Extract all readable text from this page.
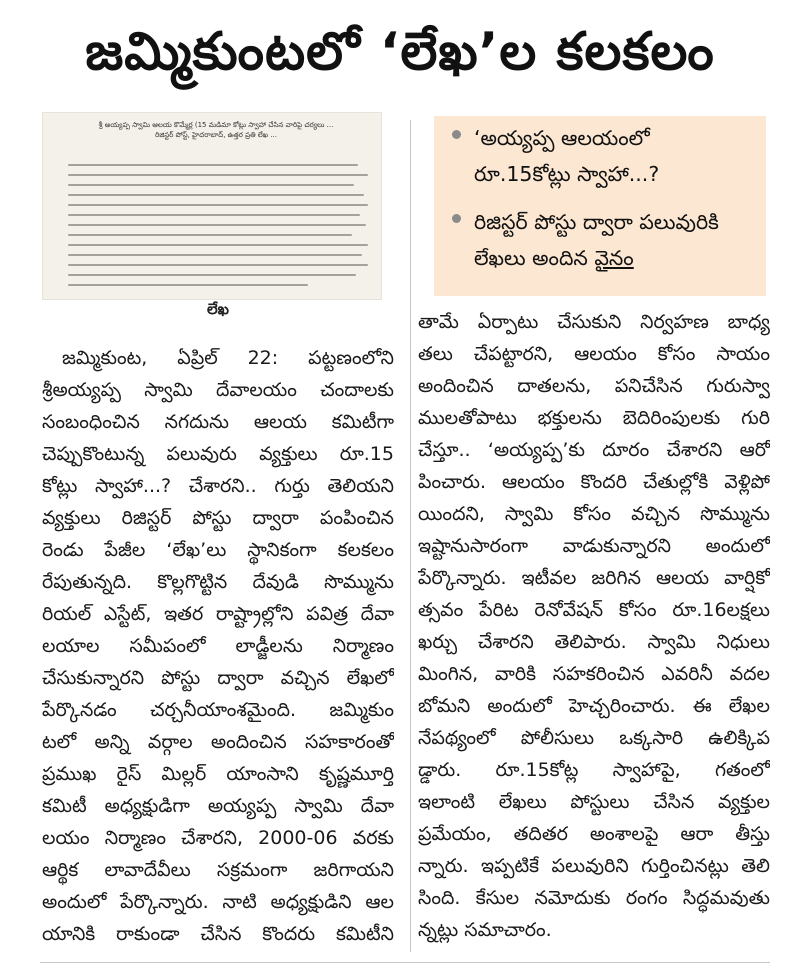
జమ్మికుంటలో ‘లేఖ’ల కలకలం
శ్రీ అయ్యప్ప స్వామి ఆలయ కొమ్మేర్ల (15 మడిమా కోట్లు స్వాహా చేసిన వారిపై చర్యలు ...
రిజిస్టర్ పోస్ట్, హైదరాబాద్, ఉత్తర ప్రతి లేఖ ...
లేఖ
‘అయ్యప్ప ఆలయంలో
రూ.15కోట్లు స్వాహా...?
రిజిస్టర్ పోస్టు ద్వారా పలువురికి
లేఖలు అందిన వైనం
జమ్మికుంట, ఏప్రిల్ 22: పట్టణంలోని
శ్రీఅయ్యప్ప స్వామి దేవాలయం చందాలకు
సంబంధించిన నగదును ఆలయ కమిటీగా
చెప్పుకొంటున్న పలువురు వ్యక్తులు రూ.15
కోట్లు స్వాహా...? చేశారని.. గుర్తు తెలియని
వ్యక్తులు రిజిస్టర్ పోస్టు ద్వారా పంపించిన
రెండు పేజీల ‘లేఖ’లు స్థానికంగా కలకలం
రేపుతున్నది. కొల్లగొట్టిన దేవుడి సొమ్మును
రియల్ ఎస్టేట్, ఇతర రాష్ట్రాల్లోని పవిత్ర దేవా
లయాల సమీపంలో లాడ్జీలను నిర్మాణం
చేసుకున్నారని పోస్టు ద్వారా వచ్చిన లేఖలో
పేర్కొనడం చర్చనీయాంశమైంది. జమ్మికుం
టలో అన్ని వర్గాల అందించిన సహకారంతో
ప్రముఖ రైస్ మిల్లర్ యాంసాని కృష్ణమూర్తి
కమిటీ అధ్యక్షుడిగా అయ్యప్ప స్వామి దేవా
లయం నిర్మాణం చేశారని, 2000-06 వరకు
ఆర్థిక లావాదేవీలు సక్రమంగా జరిగాయని
అందులో పేర్కొన్నారు. నాటి అధ్యక్షుడిని ఆల
యానికి రాకుండా చేసిన కొందరు కమిటీని
తామే ఏర్పాటు చేసుకుని నిర్వహణ బాధ్య
తలు చేపట్టారని, ఆలయం కోసం సాయం
అందించిన దాతలను, పనిచేసిన గురుస్వా
ములతోపాటు భక్తులను బెదిరింపులకు గురి
చేస్తూ.. ‘అయ్యప్ప’కు దూరం చేశారని ఆరో
పించారు. ఆలయం కొందరి చేతుల్లోకి వెళ్లిపో
యిందని, స్వామి కోసం వచ్చిన సొమ్మును
ఇష్టానుసారంగా వాడుకున్నారని అందులో
పేర్కొన్నారు. ఇటీవల జరిగిన ఆలయ వార్షికో
త్సవం పేరిట రెనోవేషన్ కోసం రూ.16లక్షలు
ఖర్చు చేశారని తెలిపారు. స్వామి నిధులు
మింగిన, వారికి సహకరించిన ఎవరినీ వదల
బోమని అందులో హెచ్చరించారు. ఈ లేఖల
నేపథ్యంలో పోలీసులు ఒక్కసారి ఉలిక్కిప
డ్డారు. రూ.15కోట్ల స్వాహాపై, గతంలో
ఇలాంటి లేఖలు పోస్టులు చేసిన వ్యక్తుల
ప్రమేయం, తదితర అంశాలపై ఆరా తీస్తు
న్నారు. ఇప్పటికే పలువురిని గుర్తించినట్లు తెలి
సింది. కేసుల నమోదుకు రంగం సిద్ధమవుతు
న్నట్లు సమాచారం.
